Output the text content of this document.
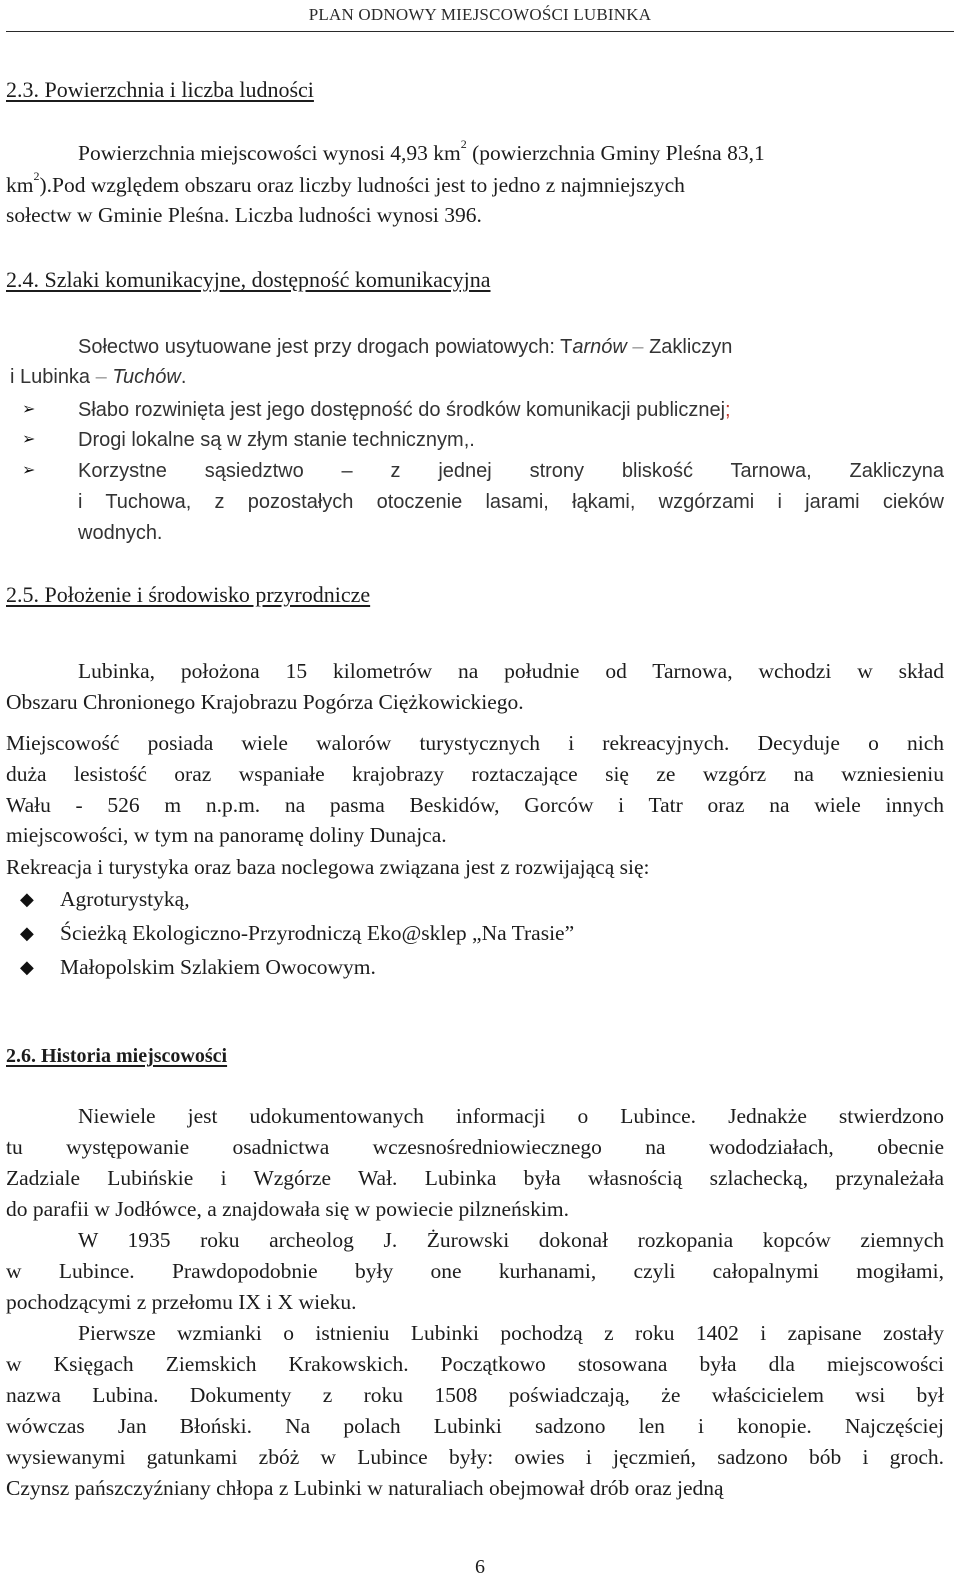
PLAN ODNOWY MIEJSCOWOŚCI LUBINKA
2.3. Powierzchnia i liczba ludności
Powierzchnia miejscowości wynosi 4,93 $km^2$ (powierzchnia Gminy Pleśna 83,1
$km^2).Pod$ względem obszaru oraz liczby ludności jest to jedno z najmniejszych
sołectw w Gminie Pleśna. Liczba ludności wynosi 396.
2.4. Szlaki komunikacyjne, dostępność komunikacyjna
Sołectwo usytuowane jest przy drogach powiatowych: Tarnów – Zakliczyn
i Lubinka – Tuchów.
➢	Słabo rozwinięta jest jego dostępność do środków komunikacji publicznej;
➢	Drogi lokalne są w złym stanie technicznym,.
➢	Korzystne sąsiedztwo – z jednej strony bliskość Tarnowa, Zakliczyna
i Tuchowa, z pozostałych otoczenie lasami, łąkami, wzgórzami i jarami cieków
wodnych.
2.5. Położenie i środowisko przyrodnicze
Lubinka, położona 15 kilometrów na południe od Tarnowa, wchodzi w skład
Obszaru Chronionego Krajobrazu Pogórza Ciężkowickiego.
Miejscowość posiada wiele walorów turystycznych i rekreacyjnych. Decyduje o nich
duża lesistość oraz wspaniałe krajobrazy roztaczające się ze wzgórz na wzniesieniu
Wału - 526 m n.p.m. na pasma Beskidów, Gorców i Tatr oraz na wiele innych
miejscowości, w tym na panoramę doliny Dunajca.
Rekreacja i turystyka oraz baza noclegowa związana jest z rozwijającą się:
◆	Agroturystyką,
◆	Ścieżką Ekologiczno-Przyrodniczą Eko@sklep „Na Trasie”
◆	Małopolskim Szlakiem Owocowym.
2.6. Historia miejscowości
Niewiele jest udokumentowanych informacji o Lubince. Jednakże stwierdzono
tu występowanie osadnictwa wczesnośredniowiecznego na wododziałach, obecnie
Zadziale Lubińskie i Wzgórze Wał. Lubinka była własnością szlachecką, przynależała
do parafii w Jodłówce, a znajdowała się w powiecie pilzneńskim.
W 1935 roku archeolog J. Żurowski dokonał rozkopania kopców ziemnych
w Lubince. Prawdopodobnie były one kurhanami, czyli całopalnymi mogiłami,
pochodzącymi z przełomu IX i X wieku.
Pierwsze wzmianki o istnieniu Lubinki pochodzą z roku 1402 i zapisane zostały
w Księgach Ziemskich Krakowskich. Początkowo stosowana była dla miejscowości
nazwa Lubina. Dokumenty z roku 1508 poświadczają, że właścicielem wsi był
wówczas Jan Błoński. Na polach Lubinki sadzono len i konopie. Najczęściej
wysiewanymi gatunkami zbóż w Lubince były: owies i jęczmień, sadzono bób i groch.
Czynsz pańszczyźniany chłopa z Lubinki w naturaliach obejmował drób oraz jedną
6
